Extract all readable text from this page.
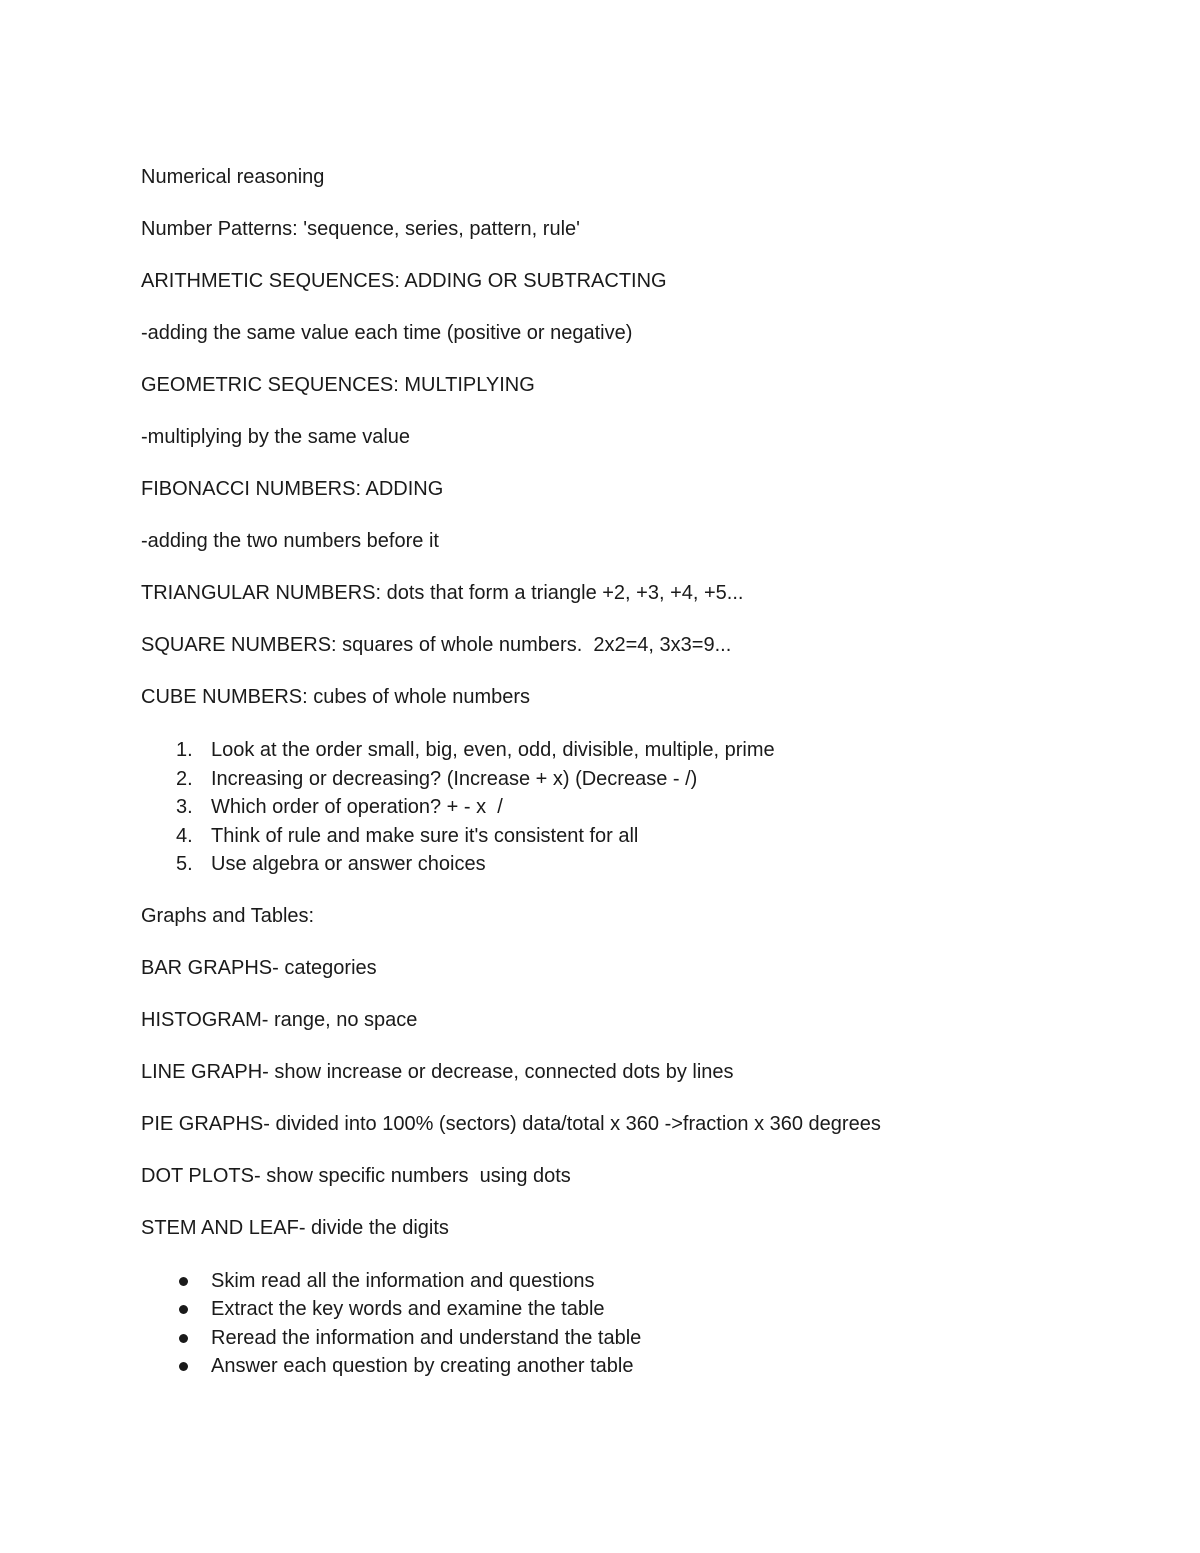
Numerical reasoning

Number Patterns: 'sequence, series, pattern, rule'

ARITHMETIC SEQUENCES: ADDING OR SUBTRACTING

-adding the same value each time (positive or negative)

GEOMETRIC SEQUENCES: MULTIPLYING

-multiplying by the same value

FIBONACCI NUMBERS: ADDING

-adding the two numbers before it

TRIANGULAR NUMBERS: dots that form a triangle +2, +3, +4, +5...

SQUARE NUMBERS: squares of whole numbers.  2x2=4, 3x3=9...

CUBE NUMBERS: cubes of whole numbers

1. Look at the order small, big, even, odd, divisible, multiple, prime
2. Increasing or decreasing? (Increase + x) (Decrease - /)
3. Which order of operation? + - x  /
4. Think of rule and make sure it's consistent for all
5. Use algebra or answer choices

Graphs and Tables:

BAR GRAPHS- categories

HISTOGRAM- range, no space

LINE GRAPH- show increase or decrease, connected dots by lines

PIE GRAPHS- divided into 100% (sectors) data/total x 360 ->fraction x 360 degrees

DOT PLOTS- show specific numbers  using dots

STEM AND LEAF- divide the digits

Skim read all the information and questions
Extract the key words and examine the table
Reread the information and understand the table
Answer each question by creating another table
